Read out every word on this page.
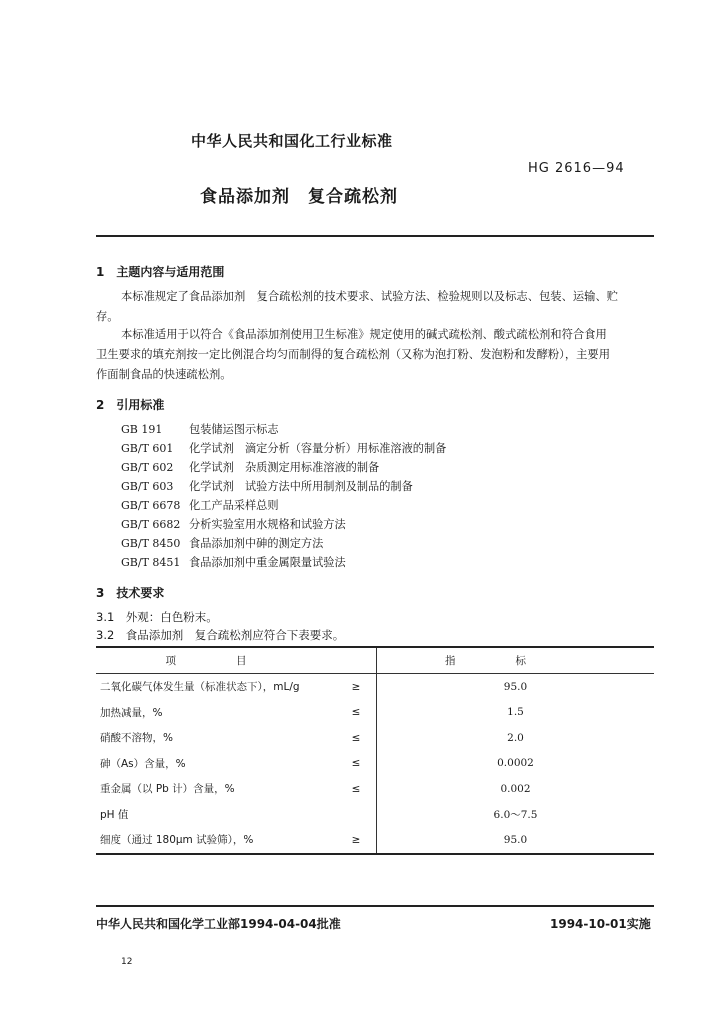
中华人民共和国化工行业标准
HG 2616—94
食品添加剂　复合疏松剂
1　主题内容与适用范围
本标准规定了食品添加剂　复合疏松剂的技术要求、试验方法、检验规则以及标志、包装、运输、贮
存。
本标准适用于以符合《食品添加剂使用卫生标准》规定使用的碱式疏松剂、酸式疏松剂和符合食用
卫生要求的填充剂按一定比例混合均匀而制得的复合疏松剂（又称为泡打粉、发泡粉和发酵粉），主要用
作面制食品的快速疏松剂。
2　引用标准
GB 191 包装储运图示标志
GB/T 601 化学试剂　滴定分析（容量分析）用标准溶液的制备
GB/T 602 化学试剂　杂质测定用标准溶液的制备
GB/T 603 化学试剂　试验方法中所用制剂及制品的制备
GB/T 6678 化工产品采样总则
GB/T 6682 分析实验室用水规格和试验方法
GB/T 8450 食品添加剂中砷的测定方法
GB/T 8451 食品添加剂中重金属限量试验法
3　技术要求
3.1　外观：白色粉末。
3.2　食品添加剂　复合疏松剂应符合下表要求。
项目		指标
二氧化碳气体发生量（标准状态下），mL/g	≥	95.0
加热减量，%	≤	1.5
硝酸不溶物，%	≤	2.0
砷（As）含量，%	≤	0.0002
重金属（以 Pb 计）含量，%	≤	0.002
pH 值		6.0～7.5
细度（通过 180μm 试验筛），%	≥	95.0
中华人民共和国化学工业部1994-04-04批准	1994-10-01实施
12
